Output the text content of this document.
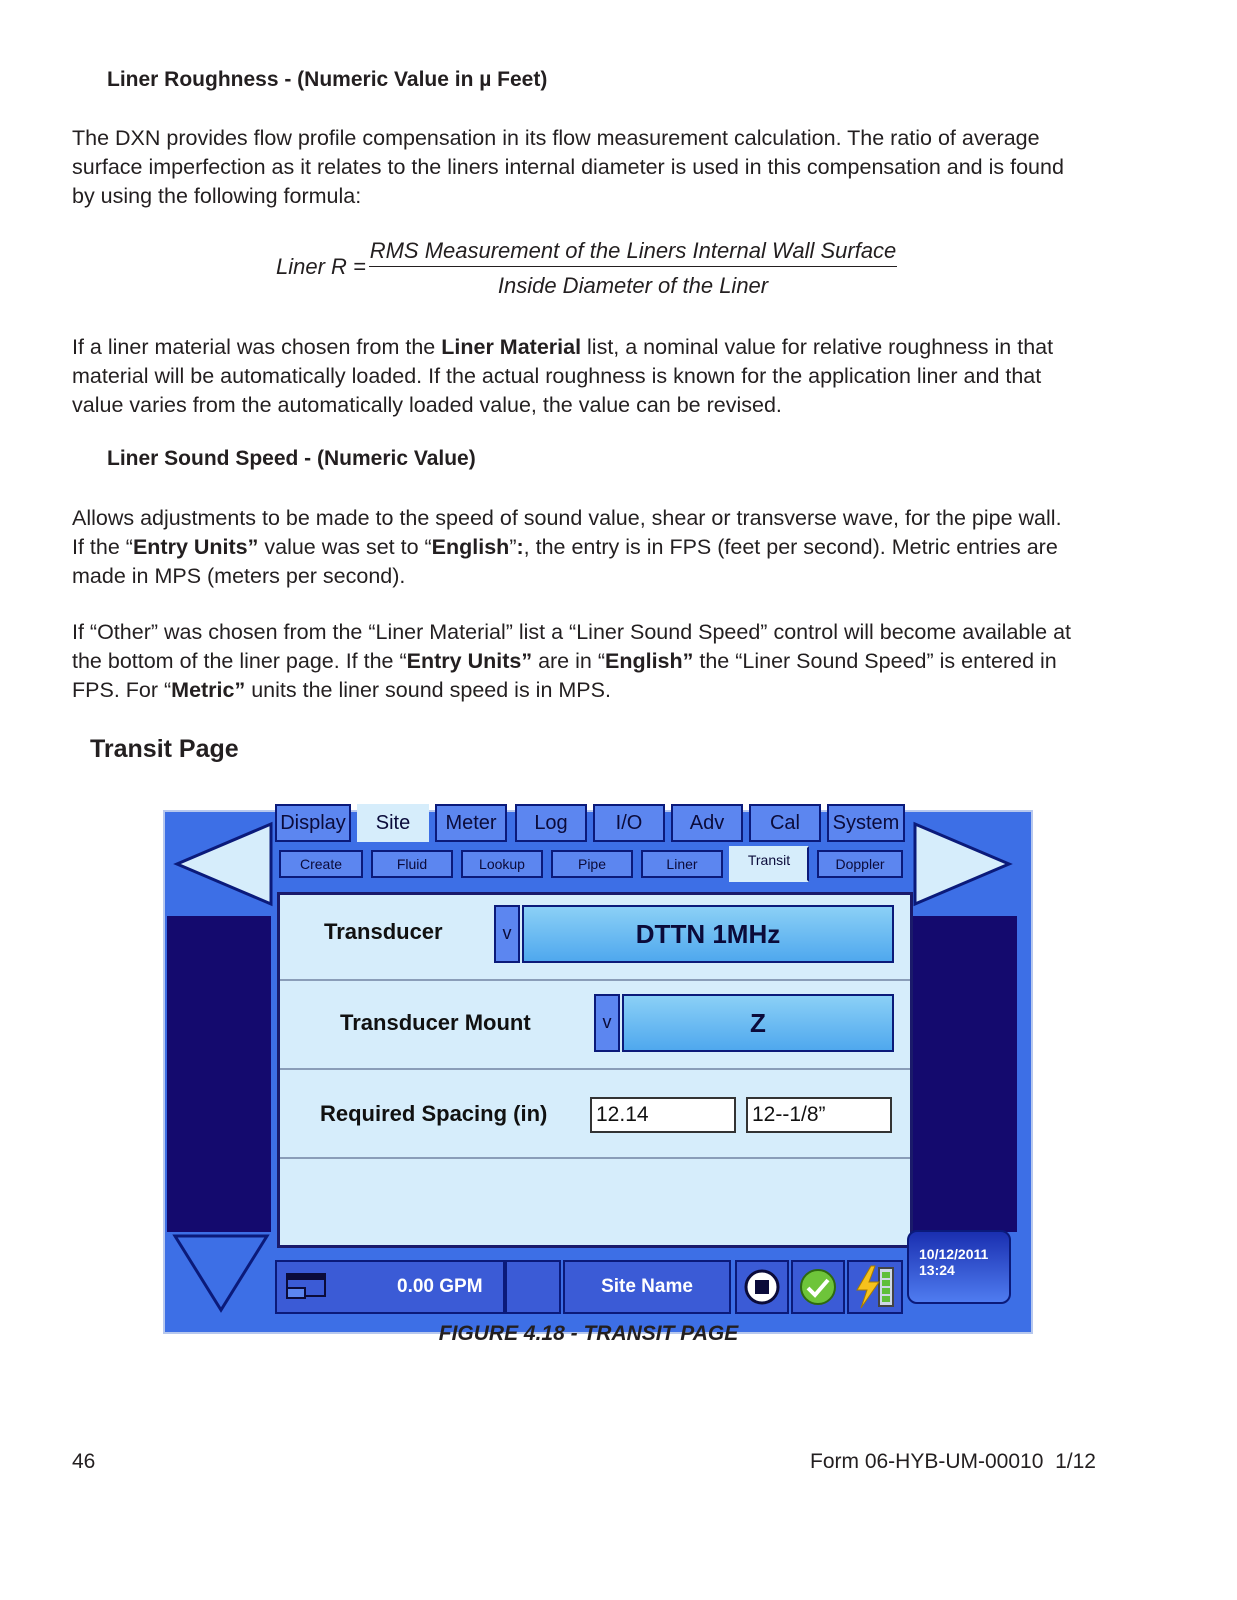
Liner Roughness - (Numeric Value in µ Feet)
The DXN provides flow profile compensation in its flow measurement calculation. The ratio of average
surface imperfection as it relates to the liners internal diameter is used in this compensation and is found
by using the following formula:
Liner R =
RMS Measurement of the Liners Internal Wall Surface
Inside Diameter of the Liner
If a liner material was chosen from the Liner Material list, a nominal value for relative roughness in that
material will be automatically loaded. If the actual roughness is known for the application liner and that
value varies from the automatically loaded value, the value can be revised.
Liner Sound Speed - (Numeric Value)
Allows adjustments to be made to the speed of sound value, shear or transverse wave, for the pipe wall.
If the “Entry Units” value was set to “English”:, the entry is in FPS (feet per second). Metric entries are
made in MPS (meters per second).
If “Other” was chosen from the “Liner Material” list a “Liner Sound Speed” control will become available at
the bottom of the liner page. If the “Entry Units” are in “English” the “Liner Sound Speed” is entered in
FPS. For “Metric” units the liner sound speed is in MPS.
Transit Page
Display	Site	Meter	Log	I/O	Adv	Cal	System
Create	Fluid	Lookup	Pipe	Liner	Transit	Doppler
Transducer	v	DTTN 1MHz
Transducer Mount	v	Z
Required Spacing (in) 12.14	12--1/8”
0.00 GPM	Site Name
10/12/2011
13:24
FIGURE 4.18 - TRANSIT PAGE
46	Form 06-HYB-UM-00010  1/12
